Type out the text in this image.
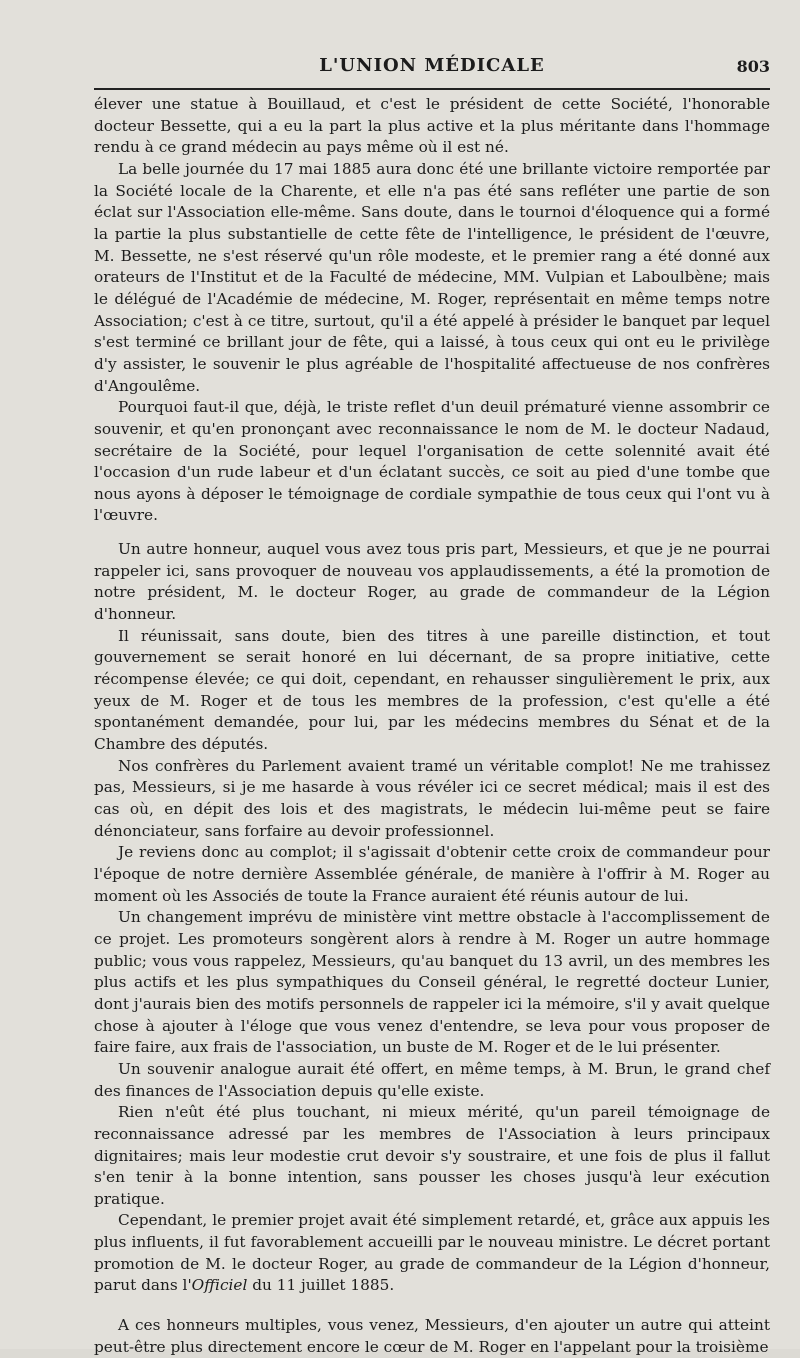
L'UNION MÉDICALE	803

élever une statue à Bouillaud, et c'est le président de cette Société, l'honorable docteur Bessette, qui a eu la part la plus active et la plus méritante dans l'hommage rendu à ce grand médecin au pays même où il est né.

La belle journée du 17 mai 1885 aura donc été une brillante victoire remportée par la Société locale de la Charente, et elle n'a pas été sans refléter une partie de son éclat sur l'Association elle-même. Sans doute, dans le tournoi d'éloquence qui a formé la partie la plus substantielle de cette fête de l'intelligence, le président de l'œuvre, M. Bessette, ne s'est réservé qu'un rôle modeste, et le premier rang a été donné aux orateurs de l'Institut et de la Faculté de médecine, MM. Vulpian et Laboulbène; mais le délégué de l'Académie de médecine, M. Roger, représentait en même temps notre Association; c'est à ce titre, surtout, qu'il a été appelé à présider le banquet par lequel s'est terminé ce brillant jour de fête, qui a laissé, à tous ceux qui ont eu le privilège d'y assister, le souvenir le plus agréable de l'hospitalité affectueuse de nos confrères d'Angoulême.

Pourquoi faut-il que, déjà, le triste reflet d'un deuil prématuré vienne assombrir ce souvenir, et qu'en prononçant avec reconnaissance le nom de M. le docteur Nadaud, secrétaire de la Société, pour lequel l'organisation de cette solennité avait été l'occasion d'un rude labeur et d'un éclatant succès, ce soit au pied d'une tombe que nous ayons à déposer le témoignage de cordiale sympathie de tous ceux qui l'ont vu à l'œuvre.

Un autre honneur, auquel vous avez tous pris part, Messieurs, et que je ne pourrai rappeler ici, sans provoquer de nouveau vos applaudissements, a été la promotion de notre président, M. le docteur Roger, au grade de commandeur de la Légion d'honneur.

Il réunissait, sans doute, bien des titres à une pareille distinction, et tout gouvernement se serait honoré en lui décernant, de sa propre initiative, cette récompense élevée; ce qui doit, cependant, en rehausser singulièrement le prix, aux yeux de M. Roger et de tous les membres de la profession, c'est qu'elle a été spontanément demandée, pour lui, par les médecins membres du Sénat et de la Chambre des députés.

Nos confrères du Parlement avaient tramé un véritable complot! Ne me trahissez pas, Messieurs, si je me hasarde à vous révéler ici ce secret médical; mais il est des cas où, en dépit des lois et des magistrats, le médecin lui-même peut se faire dénonciateur, sans forfaire au devoir professionnel.

Je reviens donc au complot; il s'agissait d'obtenir cette croix de commandeur pour l'époque de notre dernière Assemblée générale, de manière à l'offrir à M. Roger au moment où les Associés de toute la France auraient été réunis autour de lui.

Un changement imprévu de ministère vint mettre obstacle à l'accomplissement de ce projet. Les promoteurs songèrent alors à rendre à M. Roger un autre hommage public; vous vous rappelez, Messieurs, qu'au banquet du 13 avril, un des membres les plus actifs et les plus sympathiques du Conseil général, le regretté docteur Lunier, dont j'aurais bien des motifs personnels de rappeler ici la mémoire, s'il y avait quelque chose à ajouter à l'éloge que vous venez d'entendre, se leva pour vous proposer de faire faire, aux frais de l'association, un buste de M. Roger et de le lui présenter.

Un souvenir analogue aurait été offert, en même temps, à M. Brun, le grand chef des finances de l'Association depuis qu'elle existe.

Rien n'eût été plus touchant, ni mieux mérité, qu'un pareil témoignage de reconnaissance adressé par les membres de l'Association à leurs principaux dignitaires; mais leur modestie crut devoir s'y soustraire, et une fois de plus il fallut s'en tenir à la bonne intention, sans pousser les choses jusqu'à leur exécution pratique.

Cependant, le premier projet avait été simplement retardé, et, grâce aux appuis les plus influents, il fut favorablement accueilli par le nouveau ministre. Le décret portant promotion de M. le docteur Roger, au grade de commandeur de la Légion d'honneur, parut dans l'Officiel du 11 juillet 1885.

A ces honneurs multiples, vous venez, Messieurs, d'en ajouter un autre qui atteint peut-être plus directement encore le cœur de M. Roger en l'appelant pour la troisième
